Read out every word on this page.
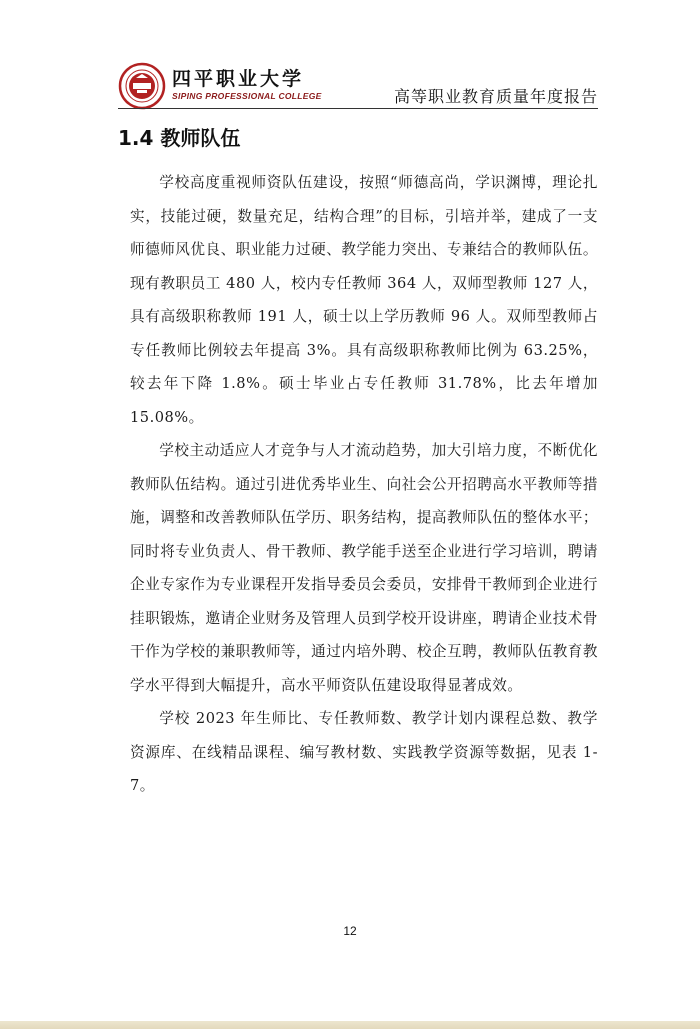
四平职业大学
SIPING PROFESSIONAL COLLEGE	高等职业教育质量年度报告
1.4 教师队伍

学校高度重视师资队伍建设，按照“师德高尚，学识渊博，理论扎实，技能过硬，数量充足，结构合理”的目标，引培并举，建成了一支师德师风优良、职业能力过硬、教学能力突出、专兼结合的教师队伍。现有教职员工 480 人，校内专任教师 364 人，双师型教师 127 人，具有高级职称教师 191 人，硕士以上学历教师 96 人。双师型教师占专任教师比例较去年提高 3%。具有高级职称教师比例为 63.25%，较去年下降 1.8%。硕士毕业占专任教师 31.78%，比去年增加 15.08%。

学校主动适应人才竞争与人才流动趋势，加大引培力度，不断优化教师队伍结构。通过引进优秀毕业生、向社会公开招聘高水平教师等措施，调整和改善教师队伍学历、职务结构，提高教师队伍的整体水平；同时将专业负责人、骨干教师、教学能手送至企业进行学习培训，聘请企业专家作为专业课程开发指导委员会委员，安排骨干教师到企业进行挂职锻炼，邀请企业财务及管理人员到学校开设讲座，聘请企业技术骨干作为学校的兼职教师等，通过内培外聘、校企互聘，教师队伍教育教学水平得到大幅提升，高水平师资队伍建设取得显著成效。

学校 2023 年生师比、专任教师数、教学计划内课程总数、教学资源库、在线精品课程、编写教材数、实践教学资源等数据，见表 1-7。

12
